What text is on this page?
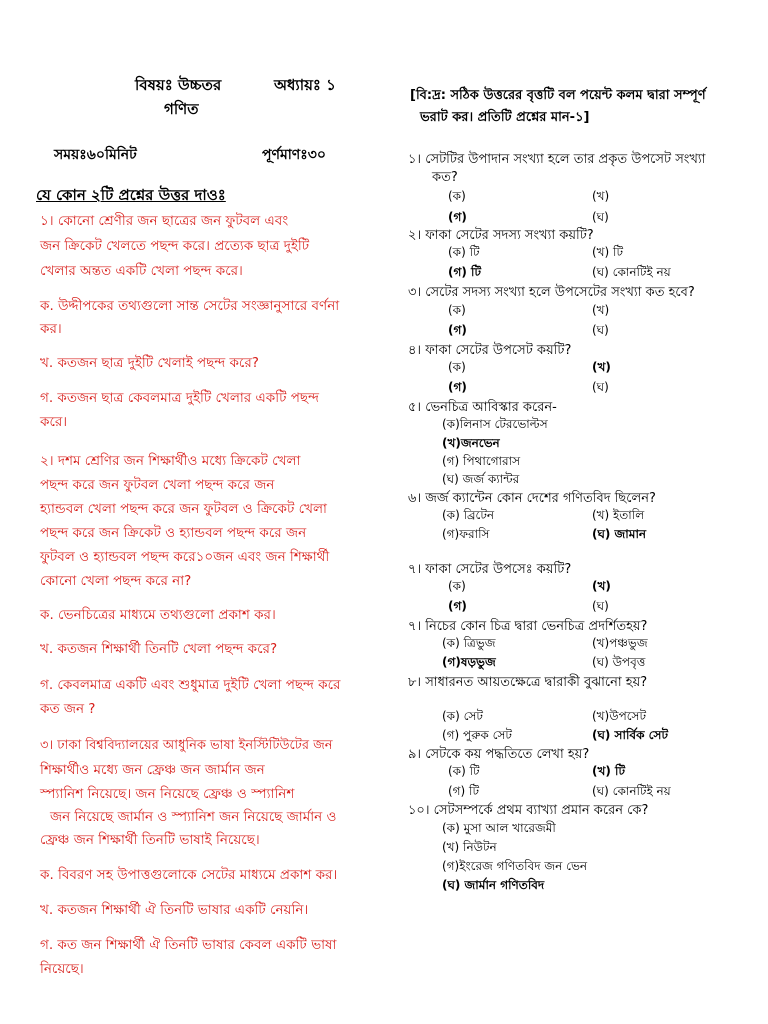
বিষয়ঃ উচ্চতর
গণিত
অধ্যায়ঃ ১
সময়ঃ৬০মিনিট	পূর্ণমাণঃ৩০
[বি:দ্র: সঠিক উত্তরের বৃত্তটি বল পয়েন্ট কলম দ্বারা সম্পূর্ণ
ভরাট কর। প্রতিটি প্রশ্নের মান-১]
যে কোন ২টি প্রশ্নের উত্তর দাওঃ
১। কোনো শ্রেণীর জন ছাত্রের জন ফুটবল এবং
জন ক্রিকেট খেলতে পছন্দ করে। প্রত্যেক ছাত্র দুইটি
খেলার অন্তত একটি খেলা পছন্দ করে।
ক. উদ্দীপকের তথ্যগুলো সান্ত সেটের সংজ্ঞানুসারে বর্ণনা
কর।
খ. কতজন ছাত্র দুইটি খেলাই পছন্দ করে?
গ. কতজন ছাত্র কেবলমাত্র দুইটি খেলার একটি পছন্দ
করে।
২। দশম শ্রেণির জন শিক্ষার্থীও মধ্যে ক্রিকেট খেলা
পছন্দ করে জন ফুটবল খেলা পছন্দ করে জন
হ্যান্ডবল খেলা পছন্দ করে জন ফুটবল ও ক্রিকেট খেলা
পছন্দ করে জন ক্রিকেট ও হ্যান্ডবল পছন্দ করে জন
ফুটবল ও হ্যান্ডবল পছন্দ করে১০জন এবং জন শিক্ষার্থী
কোনো খেলা পছন্দ করে না?
ক. ভেনচিত্রের মাধ্যমে তথ্যগুলো প্রকাশ কর।
খ. কতজন শিক্ষার্থী তিনটি খেলা পছন্দ করে?
গ. কেবলমাত্র একটি এবং শুধুমাত্র দুইটি খেলা পছন্দ করে
কত জন ?
৩। ঢাকা বিশ্ববিদ্যালয়ের আধুনিক ভাষা ইনস্টিটিউটের জন
শিক্ষার্থীও মধ্যে জন ফ্রেঞ্চ জন জার্মান জন
স্প্যানিশ নিয়েছে। জন নিয়েছে ফ্রেঞ্চ ও স্প্যানিশ
জন নিয়েছে জার্মান ও স্প্যানিশ জন নিয়েছে জার্মান ও
ফ্রেঞ্চ জন শিক্ষার্থী তিনটি ভাষাই নিয়েছে।
ক. বিবরণ সহ উপাত্তগুলোকে সেটের মাধ্যমে প্রকাশ কর।
খ. কতজন শিক্ষার্থী ঐ তিনটি ভাষার একটি নেয়নি।
গ. কত জন শিক্ষার্থী ঐ তিনটি ভাষার কেবল একটি ভাষা
নিয়েছে।
১। সেটটির উপাদান সংখ্যা হলে তার প্রকৃত উপসেট সংখ্যা
কত?
(ক)	(খ)
(গ)	(ঘ)
২। ফাকা সেটের সদস্য সংখ্যা কয়টি?
(ক) টি	(খ) টি
(গ) টি	(ঘ) কোনটিই নয়
৩। সেটের সদস্য সংখ্যা হলে উপসেটের সংখ্যা কত হবে?
(ক)	(খ)
(গ)	(ঘ)
৪। ফাকা সেটের উপসেট কয়টি?
(ক)	(খ)
(গ)	(ঘ)
৫। ভেনচিত্র আবিস্কার করেন-
(ক)লিনাস টেরভোল্টস
(খ)জনভেন
(গ) পিথাগোরাস
(ঘ) জর্জ ক্যান্টর
৬। জর্জ ক্যান্টেন কোন দেশের গণিতবিদ ছিলেন?
(ক) ব্রিটেন	(খ) ইতালি
(গ)ফরাসি	(ঘ) জামান
৭। ফাকা সেটের উপসেঃ কয়টি?
(ক)	(খ)
(গ)	(ঘ)
৭। নিচের কোন চিত্র দ্বারা ভেনচিত্র প্রদর্শিতহয়?
(ক) ত্রিভুজ	(খ)পঞ্চভুজ
(গ)ষড়ভুজ	(ঘ) উপবৃত্ত
৮। সাধারনত আয়তক্ষেত্রে দ্বারাকী বুঝানো হয়?
(ক) সেট	(খ)উপসেট
(গ) পুরুক সেট	(ঘ) সার্বিক সেট
৯। সেটকে কয় পদ্ধতিতে লেখা হয়?
(ক) টি	(খ) টি
(গ) টি	(ঘ) কোনটিই নয়
১০। সেটসম্পর্কে প্রথম ব্যাখ্যা প্রমান করেন কে?
(ক) মুসা আল খারেজমী
(খ) নিউটন
(গ)ইংরেজ গণিতবিদ জন ভেন
(ঘ) জার্মান গণিতবিদ
